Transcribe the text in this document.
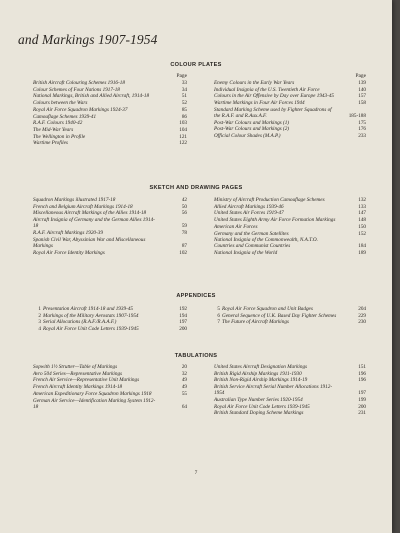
and Markings 1907-1954
COLOUR PLATES
Page	Page
British Aircraft Colouring Schemes 1916-18	33
Colour Schemes of Four Nations 1917-18	34
National Markings, British and Allied Aircraft, 1914-18	51
Colours between the Wars	52
Royal Air Force Squadron Markings 1924-37	85
Camouflage Schemes 1939-41	86
R.A.F. Colours 1940-42	103
The Mid-War Years	104
The Wellington in Profile	121
Wartime Profiles	122
Enemy Colours in the Early War Years	139
Individual Insignia of the U.S. Twentieth Air Force	140
Colours in the Air Offensive by Day over Europe 1943-45	157
Wartime Markings in Four Air Forces 1944	158
Standard Marking Scheme used by Fighter Squadrons of the R.A.F. and R.Aux.A.F.	185-188
Post-War Colours and Markings (1)	175
Post-War Colours and Markings (2)	176
Official Colour Shades (M.A.P.)	233
SKETCH AND DRAWING PAGES
Squadron Markings illustrated 1917-18	42
French and Belgium Aircraft Markings 1914-18	50
Miscellaneous Aircraft Markings of the Allies 1914-18	56
Aircraft Insignia of Germany and the German Allies 1914-18	59
R.A.F. Aircraft Markings 1920-39	78
Spanish Civil War, Abyssinian War and Miscellaneous Markings	87
Royal Air Force Identity Markings	102
Ministry of Aircraft Production Camouflage Schemes	132
Allied Aircraft Markings 1939-46	133
United States Air Forces 1919-47	147
United States Eighth Army Air Force Formation Markings	148
American Air Forces	150
Germany and the German Satellites	152
National Insignia of the Commonwealth, N.A.T.O. Countries and Communist Countries	184
National Insignia of the World	189
APPENDICES
1 Presentation Aircraft 1914-18 and 1939-45	192
2 Markings of the Military Aerostats 1907-1954	194
3 Serial Allocations (R.A.F./R.A.A.F.)	197
4 Royal Air Force Unit Code Letters 1939-1945	200
5 Royal Air Force Squadron and Unit Badges	204
6 General Sequence of U.K. Based Day Fighter Schemes	229
7 The Future of Aircraft Markings	230
TABULATIONS
Sopwith 1½ Strutter—Table of Markings	20
Avro 504 Series—Representative Markings	32
French Air Service—Representative Unit Markings	49
French Aircraft Identity Markings 1914-18	49
American Expeditionary Force Squadron Markings 1918	55
German Air Service—Identification Marking System 1912-18	64
United States Aircraft Designation Markings	151
British Rigid Airship Markings 1911-1930	196
British Non-Rigid Airship Markings 1914-19	196
British Service Aircraft Serial Number Allocations 1912-1954	197
Australian Type Number Series 1920-1954	199
Royal Air Force Unit Code Letters 1939-1945	200
British Standard Doping Scheme Markings	231
7
